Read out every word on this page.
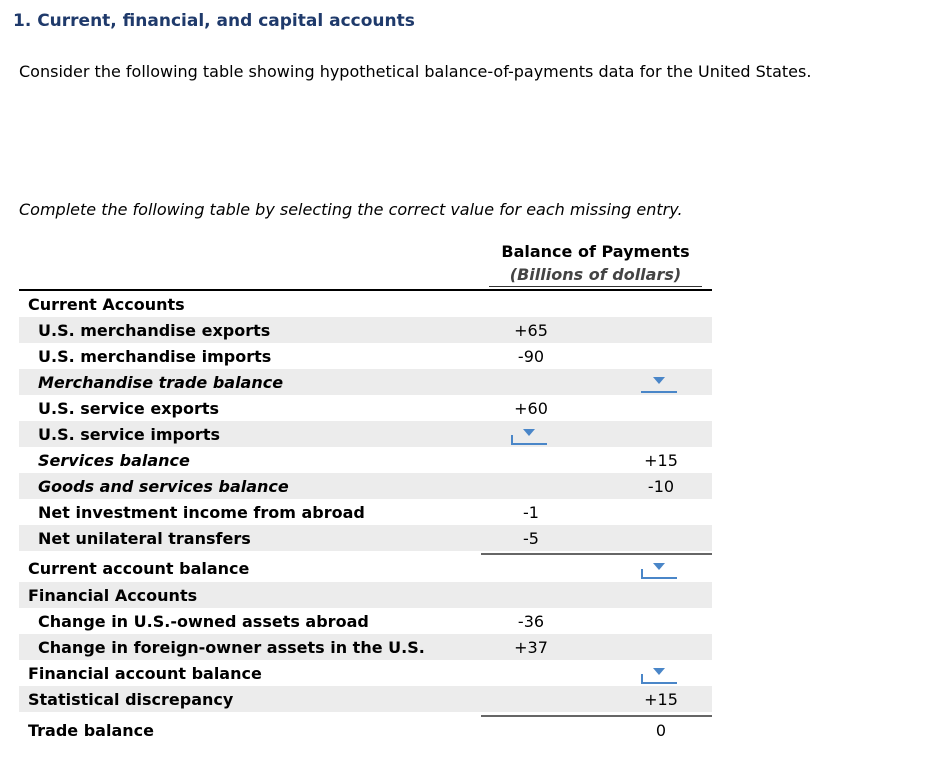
1. Current, financial, and capital accounts
Consider the following table showing hypothetical balance-of-payments data for the United States.
Complete the following table by selecting the correct value for each missing entry.
Balance of Payments
(Billions of dollars)
Current Accounts
U.S. merchandise exports	+65
U.S. merchandise imports	-90
Merchandise trade balance
U.S. service exports	+60
U.S. service imports
Services balance	+15
Goods and services balance	-10
Net investment income from abroad	-1
Net unilateral transfers	-5
Current account balance
Financial Accounts
Change in U.S.-owned assets abroad	-36
Change in foreign-owner assets in the U.S.	+37
Financial account balance
Statistical discrepancy	+15
Trade balance	0
